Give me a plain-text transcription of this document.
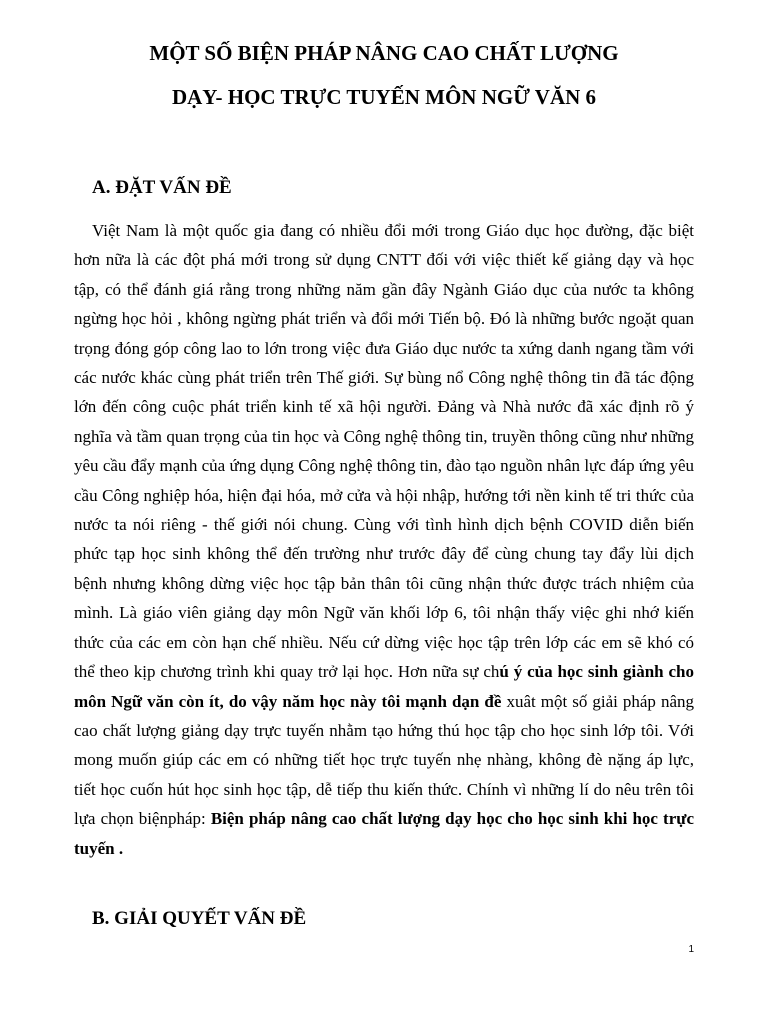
MỘT SỐ BIỆN PHÁP NÂNG CAO CHẤT LƯỢNG
DẠY- HỌC TRỰC TUYẾN MÔN NGỮ VĂN 6
A. ĐẶT VẤN ĐỀ
Việt Nam là một quốc gia đang có nhiều đổi mới trong Giáo dục học đường, đặc biệt hơn nữa là các đột phá mới trong sử dụng CNTT đối với việc thiết kế giảng dạy và học tập, có thể đánh giá rằng trong những năm gần đây Ngành Giáo dục của nước ta không ngừng học hỏi , không ngừng phát triển và đổi mới Tiến bộ. Đó là những bước ngoặt quan trọng đóng góp công lao to lớn trong việc đưa Giáo dục nước ta xứng danh ngang tầm với các nước khác cùng phát triển trên Thế giới. Sự bùng nổ Công nghệ thông tin đã tác động lớn đến công cuộc phát triển kinh tế xã hội người. Đảng và Nhà nước đã xác định rõ ý nghĩa và tầm quan trọng của tin học và Công nghệ thông tin, truyền thông cũng như những yêu cầu đẩy mạnh của ứng dụng Công nghệ thông tin, đào tạo nguồn nhân lực đáp ứng yêu cầu Công nghiệp hóa, hiện đại hóa, mở cửa và hội nhập, hướng tới nền kinh tế tri thức của nước ta nói riêng - thế giới nói chung. Cùng với tình hình dịch bệnh COVID diễn biến phức tạp học sinh không thể đến trường như trước đây để cùng chung tay đẩy lùi dịch bệnh nhưng không dừng việc học tập bản thân tôi cũng nhận thức được trách nhiệm của mình. Là giáo viên giảng dạy môn Ngữ văn khối lớp 6, tôi nhận thấy việc ghi nhớ kiến thức của các em còn hạn chế nhiều. Nếu cứ dừng việc học tập trên lớp các em sẽ khó có thể theo kịp chương trình khi quay trở lại học. Hơn nữa sự chú ý của học sinh giành cho môn Ngữ văn còn ít, do vậy năm học này tôi mạnh dạn đề xuât một số giải pháp nâng cao chất lượng giảng dạy trực tuyến nhằm tạo hứng thú học tập cho học sinh lớp tôi. Với mong muốn giúp các em có những tiết học trực tuyến nhẹ nhàng, không đè nặng áp lực, tiết học cuốn hút học sinh học tập, dễ tiếp thu kiến thức. Chính vì những lí do nêu trên tôi lựa chọn biệnpháp: Biện pháp nâng cao chất lượng dạy học cho học sinh khi học trực tuyến .
B. GIẢI QUYẾT VẤN ĐỀ
1
